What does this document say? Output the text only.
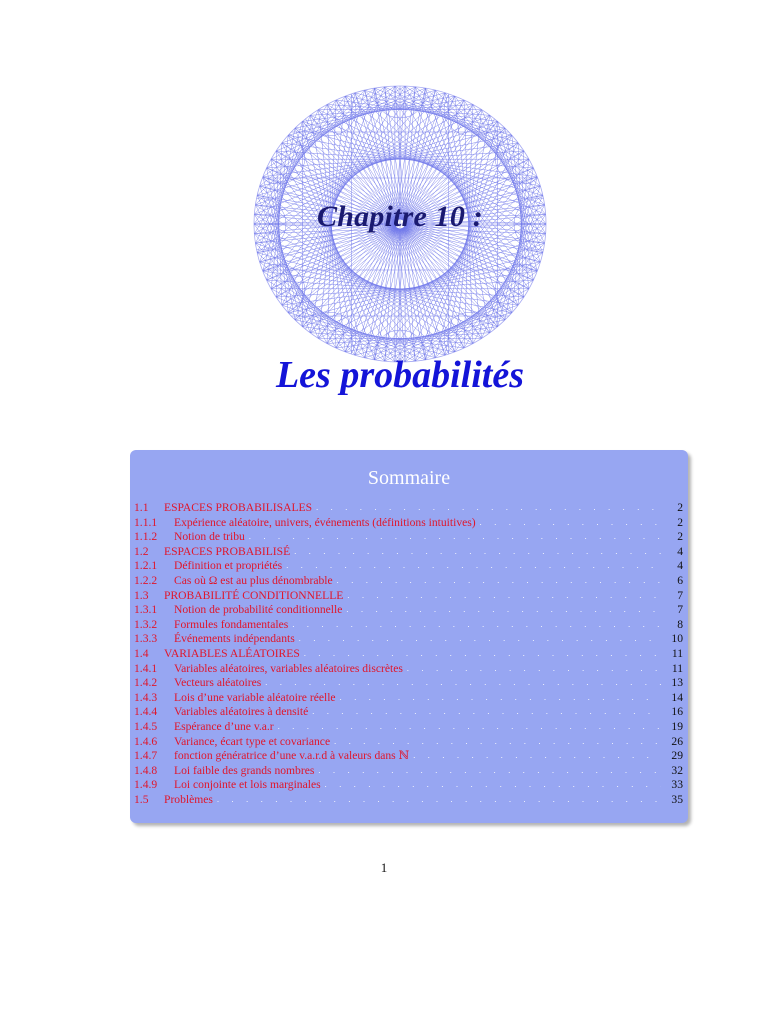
Chapitre 10 :
Les probabilités
Sommaire
1.1	ESPACES PROBABILISALES . . .	2
1.1.1	Expérience aléatoire, univers, événements (définitions intuitives) . . .	2
1.1.2	Notion de tribu . . .	2
1.2	ESPACES PROBABILISÉ . . .	4
1.2.1	Définition et propriétés . . .	4
1.2.2	Cas où Ω est au plus dénombrable . . .	6
1.3	PROBABILITÉ CONDITIONNELLE . . .	7
1.3.1	Notion de probabilité conditionnelle . . .	7
1.3.2	Formules fondamentales . . .	8
1.3.3	Événements indépendants . . .	10
1.4	VARIABLES ALÉATOIRES . . .	11
1.4.1	Variables aléatoires, variables aléatoires discrètes . . .	11
1.4.2	Vecteurs aléatoires . . .	13
1.4.3	Lois d’une variable aléatoire réelle . . .	14
1.4.4	Variables aléatoires à densité . . .	16
1.4.5	Espérance d’une v.a.r . . .	19
1.4.6	Variance, écart type et covariance . . .	26
1.4.7	fonction génératrice d’une v.a.r.d à valeurs dans ℕ . . .	29
1.4.8	Loi faible des grands nombres . . .	32
1.4.9	Loi conjointe et lois marginales . . .	33
1.5	Problèmes . . .	35
1
